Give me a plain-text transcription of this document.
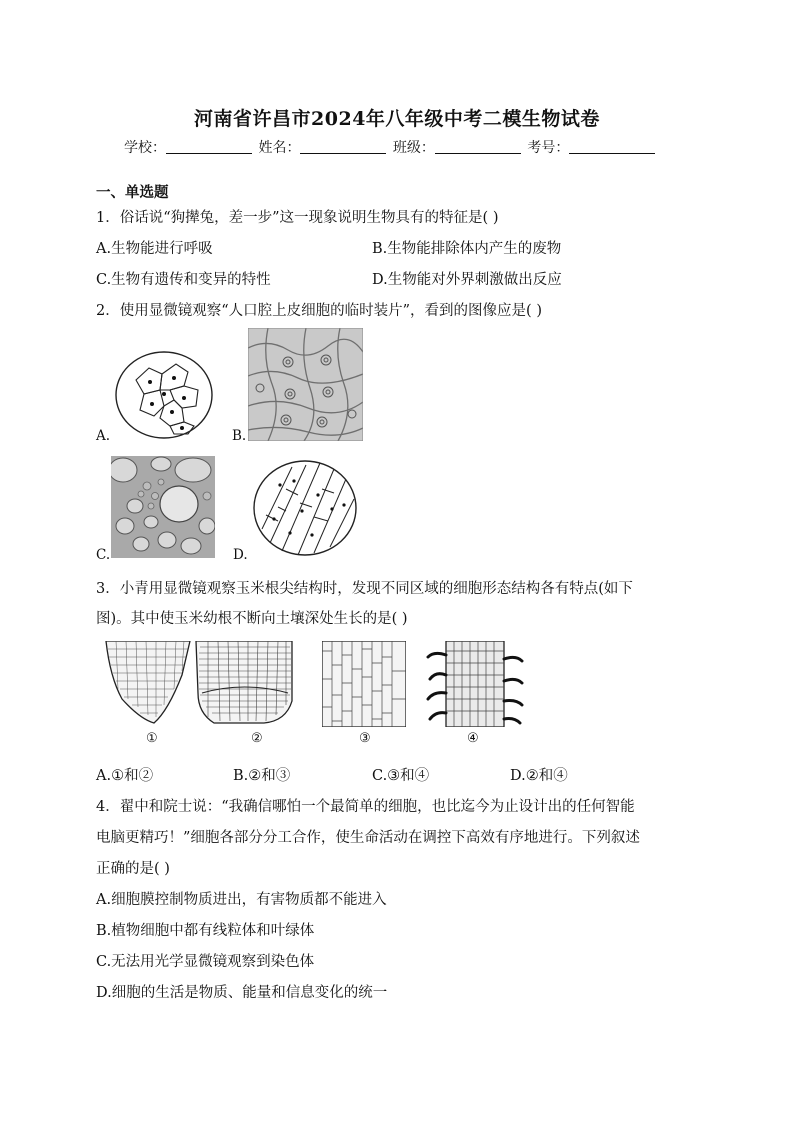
河南省许昌市2024年八年级中考二模生物试卷
学校：	姓名：	班级：	考号：
一、单选题
1．俗话说“狗撵兔，差一步”这一现象说明生物具有的特征是( )
A.生物能进行呼吸	B.生物能排除体内产生的废物
C.生物有遗传和变异的特性	D.生物能对外界刺激做出反应
2．使用显微镜观察“人口腔上皮细胞的临时装片”，看到的图像应是( )
A.	B.
C.	D.
3．小青用显微镜观察玉米根尖结构时，发现不同区域的细胞形态结构各有特点(如下
图)。其中使玉米幼根不断向土壤深处生长的是( )
①	②	③	④
A.①和②	B.②和③	C.③和④	D.②和④
4．翟中和院士说：“我确信哪怕一个最简单的细胞，也比迄今为止设计出的任何智能
电脑更精巧！”细胞各部分分工合作，使生命活动在调控下高效有序地进行。下列叙述
正确的是( )
A.细胞膜控制物质进出，有害物质都不能进入
B.植物细胞中都有线粒体和叶绿体
C.无法用光学显微镜观察到染色体
D.细胞的生活是物质、能量和信息变化的统一
